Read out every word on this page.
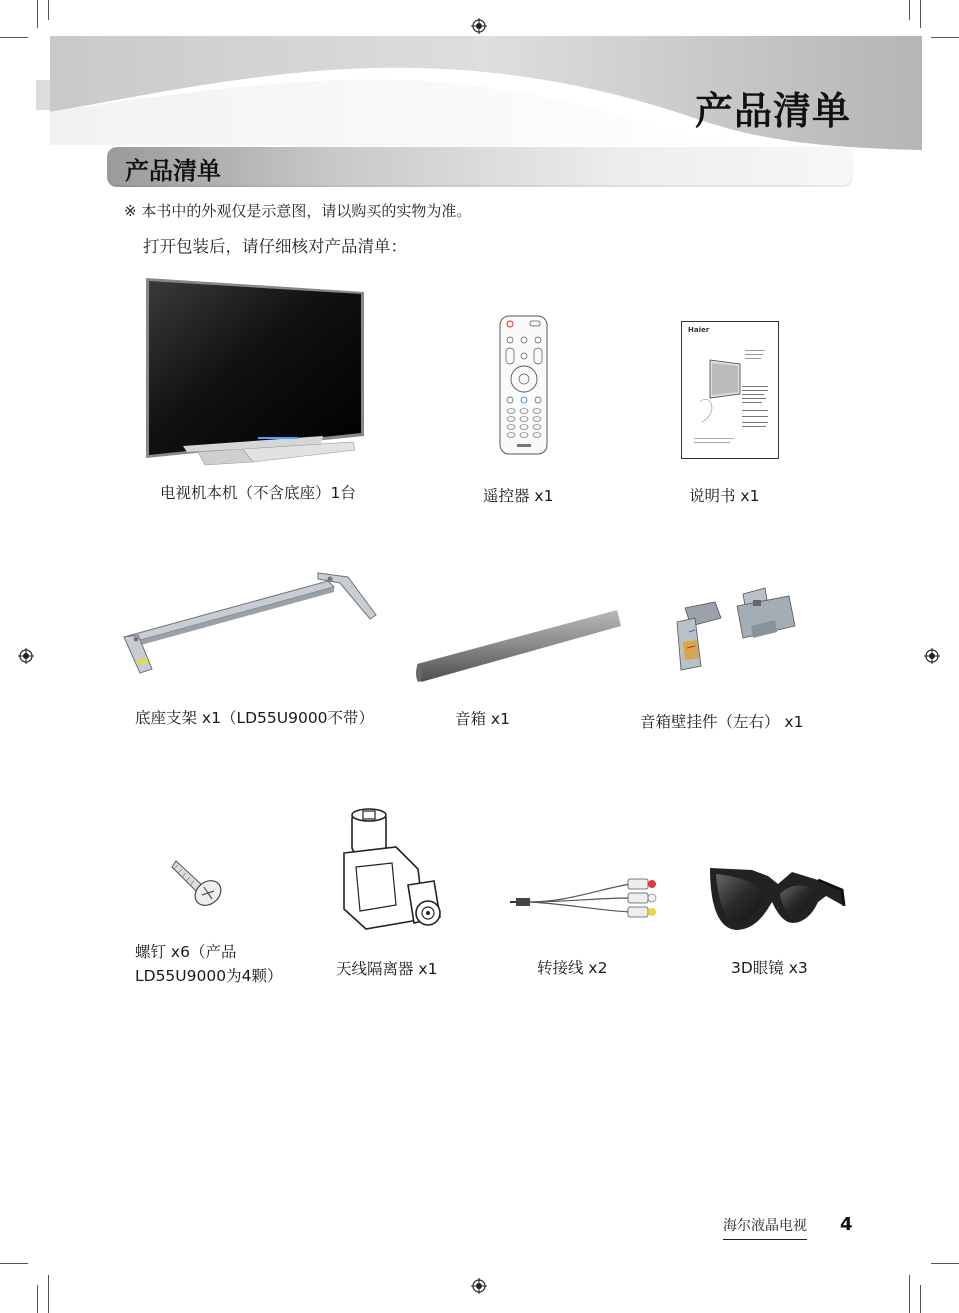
产品清单
产品清单
※ 本书中的外观仅是示意图，请以购买的实物为准。
打开包装后，请仔细核对产品清单：
电视机本机（不含底座）1台	遥控器 x1
Haier
说明书 x1
底座支架 x1（LD55U9000不带）	音箱 x1	音箱壁挂件（左右） x1
螺钉 x6（产品LD55U9000为4颗）	天线隔离器 x1	转接线 x2	3D眼镜 x3
海尔液晶电视 4
